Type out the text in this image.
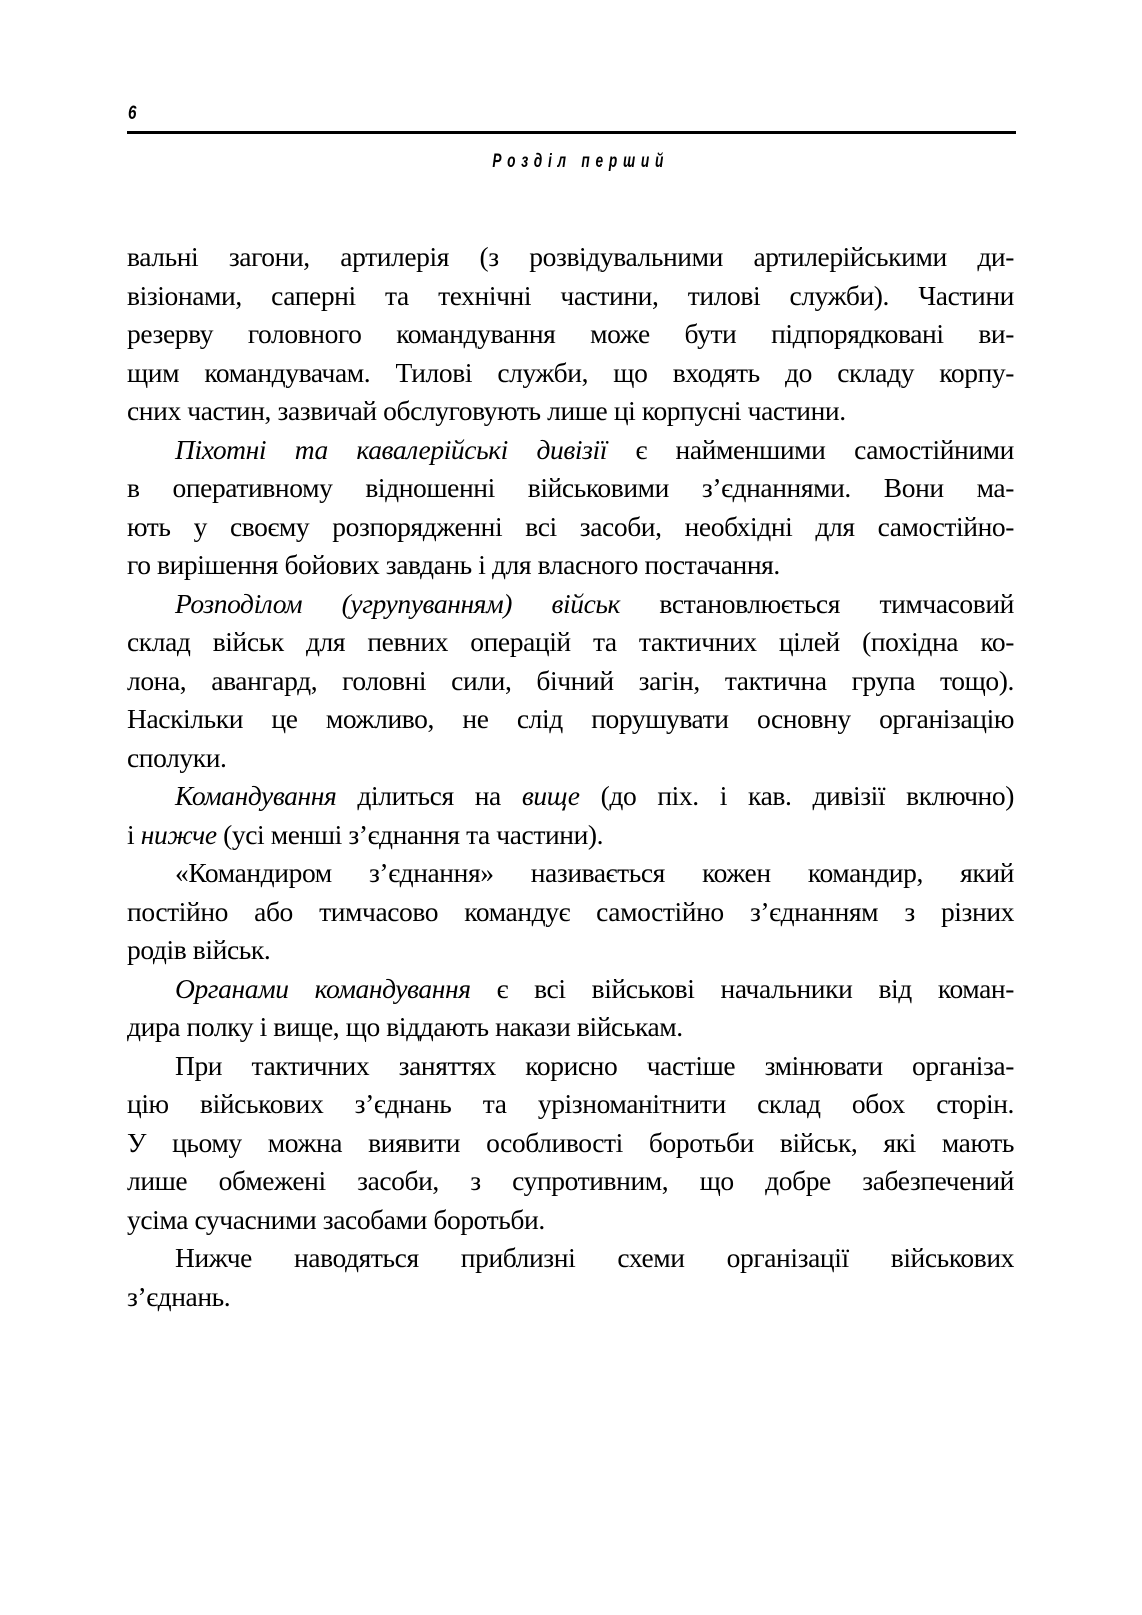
6
Розділ перший
вальні загони, артилерія (з розвідувальними артилерійськими ди-
візіонами, саперні та технічні частини, тилові служби). Частини
резерву головного командування може бути підпорядковані ви-
щим командувачам. Тилові служби, що входять до складу корпу-
сних частин, зазвичай обслуговують лише ці корпусні частини.
Піхотні та кавалерійські дивізії є найменшими самостійними
в оперативному відношенні військовими з’єднаннями. Вони ма-
ють у своєму розпорядженні всі засоби, необхідні для самостійно-
го вирішення бойових завдань і для власного постачання.
Розподілом (угрупуванням) військ встановлюється тимчасовий
склад військ для певних операцій та тактичних цілей (похідна ко-
лона, авангард, головні сили, бічний загін, тактична група тощо).
Наскільки це можливо, не слід порушувати основну організацію
сполуки.
Командування ділиться на вище (до піх. і кав. дивізії включно)
і нижче (усі менші з’єднання та частини).
«Командиром з’єднання» називається кожен командир, який
постійно або тимчасово командує самостійно з’єднанням з різних
родів військ.
Органами командування є всі військові начальники від коман-
дира полку і вище, що віддають накази військам.
При тактичних заняттях корисно частіше змінювати організа-
цію військових з’єднань та урізноманітнити склад обох сторін.
У цьому можна виявити особливості боротьби військ, які мають
лише обмежені засоби, з супротивним, що добре забезпечений
усіма сучасними засобами боротьби.
Нижче наводяться приблизні схеми організації військових
з’єднань.
